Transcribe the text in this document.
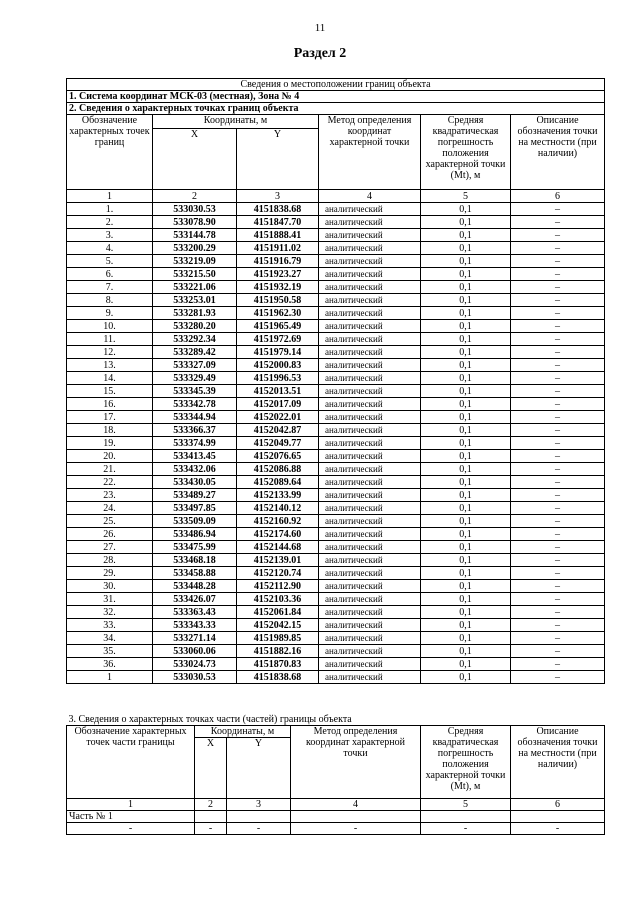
11
Раздел 2
Сведения о местоположении границ объекта					
1. Система координат МСК-03 (местная), Зона № 4					
2. Сведения о характерных точках границ объекта					
Обозначение характерных точек границ	Координаты, м		Метод определения координат характерной точки	Средняя квадратическая погрешность положения характерной точки (Mt), м	Описание обозначения точки на местности (при наличии)
	X	Y			
1	2	3	4	5	6
1.	533030.53	4151838.68	аналитический	0,1	–
2.	533078.90	4151847.70	аналитический	0,1	–
3.	533144.78	4151888.41	аналитический	0,1	–
4.	533200.29	4151911.02	аналитический	0,1	–
5.	533219.09	4151916.79	аналитический	0,1	–
6.	533215.50	4151923.27	аналитический	0,1	–
7.	533221.06	4151932.19	аналитический	0,1	–
8.	533253.01	4151950.58	аналитический	0,1	–
9.	533281.93	4151962.30	аналитический	0,1	–
10.	533280.20	4151965.49	аналитический	0,1	–
11.	533292.34	4151972.69	аналитический	0,1	–
12.	533289.42	4151979.14	аналитический	0,1	–
13.	533327.09	4152000.83	аналитический	0,1	–
14.	533329.49	4151996.53	аналитический	0,1	–
15.	533345.39	4152013.51	аналитический	0,1	–
16.	533342.78	4152017.09	аналитический	0,1	–
17.	533344.94	4152022.01	аналитический	0,1	–
18.	533366.37	4152042.87	аналитический	0,1	–
19.	533374.99	4152049.77	аналитический	0,1	–
20.	533413.45	4152076.65	аналитический	0,1	–
21.	533432.06	4152086.88	аналитический	0,1	–
22.	533430.05	4152089.64	аналитический	0,1	–
23.	533489.27	4152133.99	аналитический	0,1	–
24.	533497.85	4152140.12	аналитический	0,1	–
25.	533509.09	4152160.92	аналитический	0,1	–
26.	533486.94	4152174.60	аналитический	0,1	–
27.	533475.99	4152144.68	аналитический	0,1	–
28.	533468.18	4152139.01	аналитический	0,1	–
29.	533458.88	4152120.74	аналитический	0,1	–
30.	533448.28	4152112.90	аналитический	0,1	–
31.	533426.07	4152103.36	аналитический	0,1	–
32.	533363.43	4152061.84	аналитический	0,1	–
33.	533343.33	4152042.15	аналитический	0,1	–
34.	533271.14	4151989.85	аналитический	0,1	–
35.	533060.06	4151882.16	аналитический	0,1	–
36.	533024.73	4151870.83	аналитический	0,1	–
1	533030.53	4151838.68	аналитический	0,1	–
3. Сведения о характерных точках части (частей) границы объекта					
Обозначение характерных точек части границы	Координаты, м		Метод определения координат характерной точки	Средняя квадратическая погрешность положения характерной точки (Mt), м	Описание обозначения точки на местности (при наличии)
	X	Y			
1	2	3	4	5	6
Часть № 1					
-	-	-	-	-	-
